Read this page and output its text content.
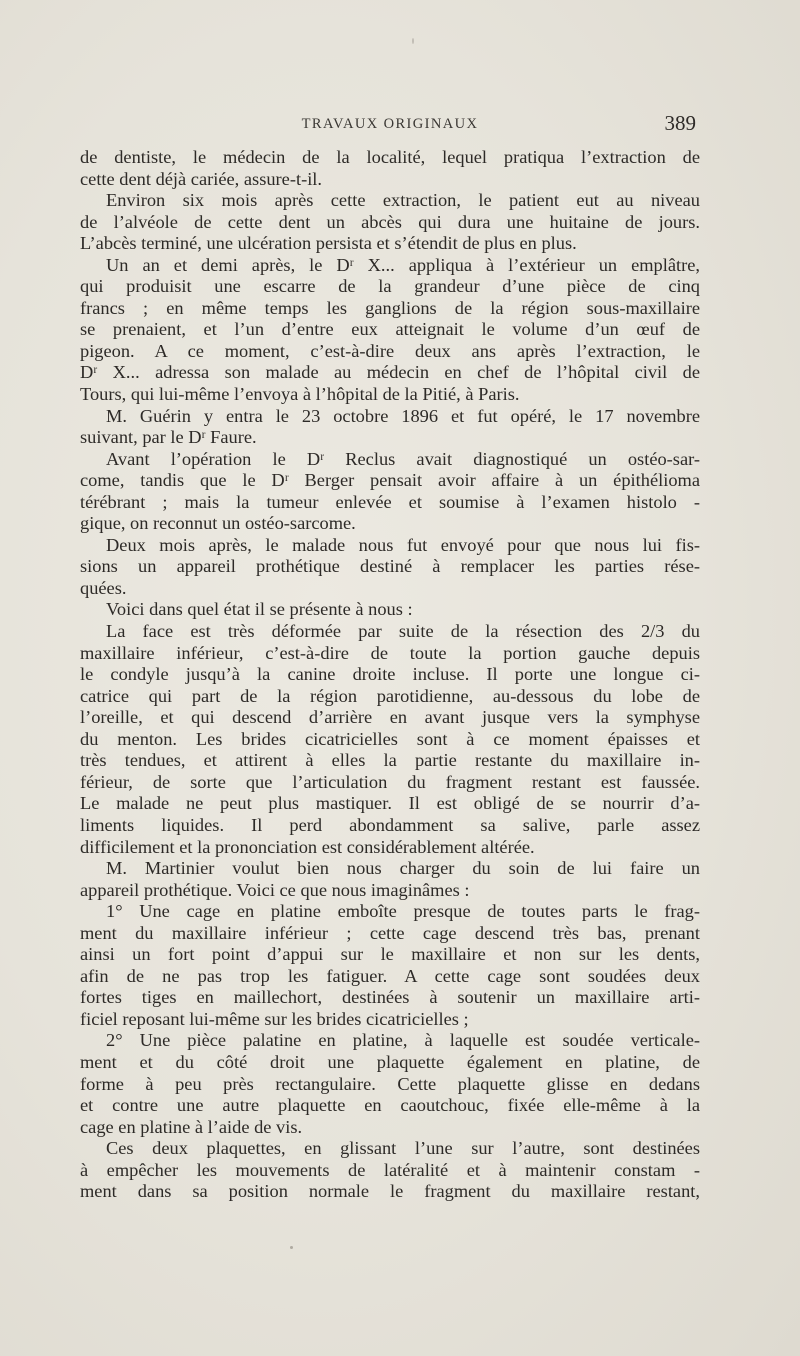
TRAVAUX ORIGINAUX	389
de dentiste, le médecin de la localité, lequel pratiqua l’extraction de
cette dent déjà cariée, assure-t-il.
Environ six mois après cette extraction, le patient eut au niveau
de l’alvéole de cette dent un abcès qui dura une huitaine de jours.
L’abcès terminé, une ulcération persista et s’étendit de plus en plus.
Un an et demi après, le Dʳ X... appliqua à l’extérieur un emplâtre,
qui produisit une escarre de la grandeur d’une pièce de cinq
francs ; en même temps les ganglions de la région sous-maxillaire
se prenaient, et l’un d’entre eux atteignait le volume d’un œuf de
pigeon. A ce moment, c’est-à-dire deux ans après l’extraction, le
Dʳ X... adressa son malade au médecin en chef de l’hôpital civil de
Tours, qui lui-même l’envoya à l’hôpital de la Pitié, à Paris.
M. Guérin y entra le 23 octobre 1896 et fut opéré, le 17 novembre
suivant, par le Dʳ Faure.
Avant l’opération le Dʳ Reclus avait diagnostiqué un ostéo-sar-
come, tandis que le Dʳ Berger pensait avoir affaire à un épithélioma
térébrant ; mais la tumeur enlevée et soumise à l’examen histolo -
gique, on reconnut un ostéo-sarcome.
Deux mois après, le malade nous fut envoyé pour que nous lui fis-
sions un appareil prothétique destiné à remplacer les parties rése-
quées.
Voici dans quel état il se présente à nous :
La face est très déformée par suite de la résection des 2/3 du
maxillaire inférieur, c’est-à-dire de toute la portion gauche depuis
le condyle jusqu’à la canine droite incluse. Il porte une longue ci-
catrice qui part de la région parotidienne, au-dessous du lobe de
l’oreille, et qui descend d’arrière en avant jusque vers la symphyse
du menton. Les brides cicatricielles sont à ce moment épaisses et
très tendues, et attirent à elles la partie restante du maxillaire in-
férieur, de sorte que l’articulation du fragment restant est faussée.
Le malade ne peut plus mastiquer. Il est obligé de se nourrir d’a-
liments liquides. Il perd abondamment sa salive, parle assez
difficilement et la prononciation est considérablement altérée.
M. Martinier voulut bien nous charger du soin de lui faire un
appareil prothétique. Voici ce que nous imaginâmes :
1° Une cage en platine emboîte presque de toutes parts le frag-
ment du maxillaire inférieur ; cette cage descend très bas, prenant
ainsi un fort point d’appui sur le maxillaire et non sur les dents,
afin de ne pas trop les fatiguer. A cette cage sont soudées deux
fortes tiges en maillechort, destinées à soutenir un maxillaire arti-
ficiel reposant lui-même sur les brides cicatricielles ;
2° Une pièce palatine en platine, à laquelle est soudée verticale-
ment et du côté droit une plaquette également en platine, de
forme à peu près rectangulaire. Cette plaquette glisse en dedans
et contre une autre plaquette en caoutchouc, fixée elle-même à la
cage en platine à l’aide de vis.
Ces deux plaquettes, en glissant l’une sur l’autre, sont destinées
à empêcher les mouvements de latéralité et à maintenir constam -
ment dans sa position normale le fragment du maxillaire restant,
